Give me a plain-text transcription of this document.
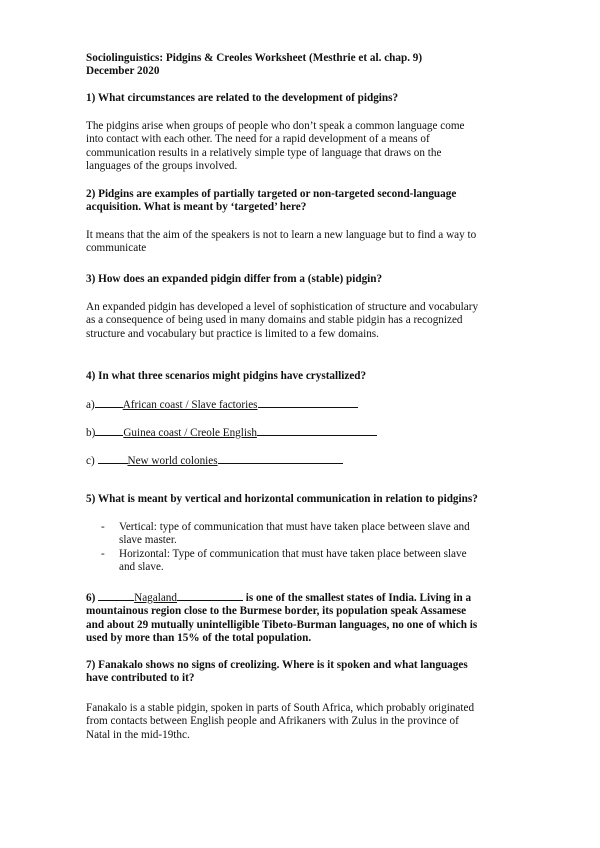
Sociolinguistics: Pidgins & Creoles Worksheet (Mesthrie et al. chap. 9)
December 2020
1) What circumstances are related to the development of pidgins?
The pidgins arise when groups of people who don’t speak a common language come
into contact with each other. The need for a rapid development of a means of
communication results in a relatively simple type of language that draws on the
languages of the groups involved.
2) Pidgins are examples of partially targeted or non-targeted second-language
acquisition. What is meant by ‘targeted’ here?
It means that the aim of the speakers is not to learn a new language but to find a way to
communicate
3) How does an expanded pidgin differ from a (stable) pidgin?
An expanded pidgin has developed a level of sophistication of structure and vocabulary
as a consequence of being used in many domains and stable pidgin has a recognized
structure and vocabulary but practice is limited to a few domains.
4) In what three scenarios might pidgins have crystallized?
a)	African coast / Slave factories
b)	Guinea coast / Creole English
c)	New world colonies
5) What is meant by vertical and horizontal communication in relation to pidgins?
- Vertical: type of communication that must have taken place between slave and
slave master.
- Horizontal: Type of communication that must have taken place between slave
and slave.
6)	Nagaland	is one of the smallest states of India. Living in a
mountainous region close to the Burmese border, its population speak Assamese
and about 29 mutually unintelligible Tibeto-Burman languages, no one of which is
used by more than 15% of the total population.
7) Fanakalo shows no signs of creolizing. Where is it spoken and what languages
have contributed to it?
Fanakalo is a stable pidgin, spoken in parts of South Africa, which probably originated
from contacts between English people and Afrikaners with Zulus in the province of
Natal in the mid-19thc.
